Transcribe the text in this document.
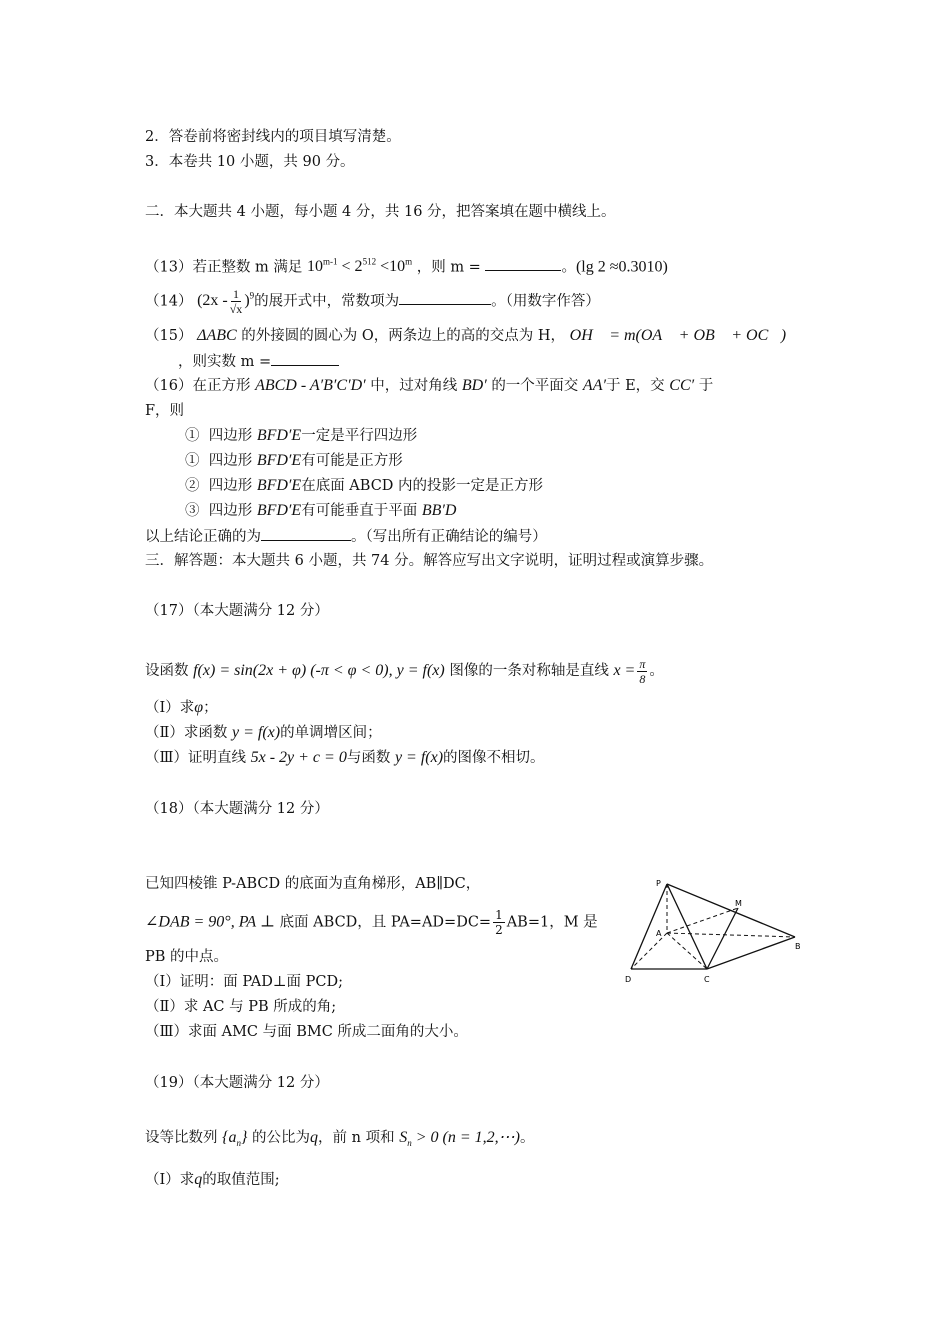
2．答卷前将密封线内的项目填写清楚。
3．本卷共 10 小题，共 90 分。
二．本大题共 4 小题，每小题 4 分，共 16 分，把答案填在题中横线上。
（13）若正整数 m 满足 $10^{m-1} < 2^{512} <10^m$ ，则 m =	。(lg 2 ≈0.3010)
（14） $(2x - \frac{1}{√x} )^9$的展开式中，常数项为	。（用数字作答）
（15） ΔABC 的外接圆的圆心为 O，两条边上的高的交点为 H， OH⃗ = m(OA⃗ + OB⃗ + OC⃗)
，则实数 m =
（16）在正方形 ABCD - A′B′C′D′ 中，过对角线 BD′ 的一个平面交 AA′于 E，交 CC′ 于
F，则
① 四边形 BFD′E一定是平行四边形
① 四边形 BFD′E有可能是正方形
② 四边形 BFD′E在底面 ABCD 内的投影一定是正方形
③ 四边形 BFD′E有可能垂直于平面 BB′D
以上结论正确的为	。（写出所有正确结论的编号）
三．解答题：本大题共 6 小题，共 74 分。解答应写出文字说明，证明过程或演算步骤。
（17）（本大题满分 12 分）
设函数 f(x) = sin(2x + φ) (-π < φ < 0), y = f(x) 图像的一条对称轴是直线 $x = \frac{\pi}{8}$ 。
（Ⅰ）求φ；
（Ⅱ）求函数 y = f(x)的单调增区间；
（Ⅲ）证明直线 5x - 2y + c = 0与函数 y = f(x)的图像不相切。
（18）（本大题满分 12 分）
已知四棱锥 P-ABCD 的底面为直角梯形，AB∥DC，
∠DAB = 90°, PA ⊥ 底面 ABCD，且 $PA=AD=DC= \frac{1}{2} AB=1$，M 是
PB 的中点。
（Ⅰ）证明：面 PAD⊥面 PCD;
（Ⅱ）求 AC 与 PB 所成的角;
（Ⅲ）求面 AMC 与面 BMC 所成二面角的大小。
P
M
A
B
D	C
（19）（本大题满分 12 分）
设等比数列 $\{a_n\}$ 的公比为q，前 n 项和 $S_n > 0$ (n = 1,2,⋯)。
（Ⅰ）求q的取值范围;
